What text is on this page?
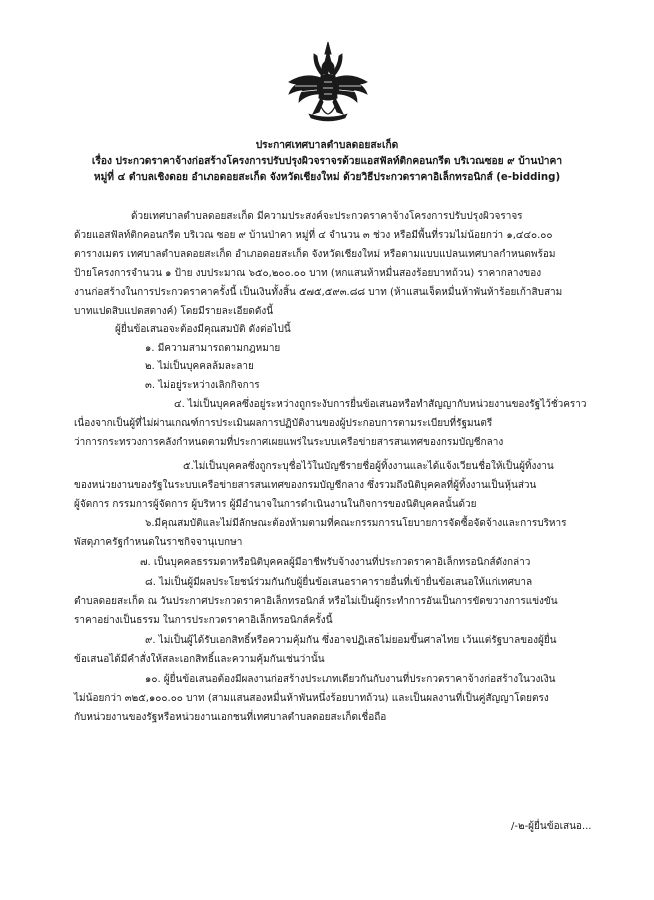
ประกาศเทศบาลตำบลดอยสะเก็ด
เรื่อง ประกวดราคาจ้างก่อสร้างโครงการปรับปรุงผิวจราจรด้วยแอสฟัลท์ติกคอนกรีต บริเวณซอย ๙ บ้านป่าคา
หมู่ที่ ๔ ตำบลเชิงดอย อำเภอดอยสะเก็ด จังหวัดเชียงใหม่ ด้วยวิธีประกวดราคาอิเล็กทรอนิกส์ (e-bidding)
ด้วยเทศบาลตำบลดอยสะเก็ด มีความประสงค์จะประกวดราคาจ้างโครงการปรับปรุงผิวจราจร
ด้วยแอสฟัลท์ติกคอนกรีต บริเวณ ซอย ๙ บ้านป่าคา หมู่ที่ ๔ จำนวน ๓ ช่วง หรือมีพื้นที่รวมไม่น้อยกว่า ๑,๔๔๐.๐๐
ตารางเมตร เทศบาลตำบลดอยสะเก็ด อำเภอดอยสะเก็ด จังหวัดเชียงใหม่ หรือตามแบบแปลนเทศบาลกำหนดพร้อม
ป้ายโครงการจำนวน ๑ ป้าย งบประมาณ ๖๕๐,๒๐๐.๐๐ บาท (หกแสนห้าหมื่นสองร้อยบาทถ้วน) ราคากลางของ
งานก่อสร้างในการประกวดราคาครั้งนี้ เป็นเงินทั้งสิ้น ๕๗๕,๕๙๓.๘๘ บาท (ห้าแสนเจ็ดหมื่นห้าพันห้าร้อยเก้าสิบสาม
บาทแปดสิบแปดสตางค์) โดยมีรายละเอียดดังนี้
ผู้ยื่นข้อเสนอจะต้องมีคุณสมบัติ ดังต่อไปนี้
๑. มีความสามารถตามกฎหมาย
๒. ไม่เป็นบุคคลล้มละลาย
๓. ไม่อยู่ระหว่างเลิกกิจการ
๔. ไม่เป็นบุคคลซึ่งอยู่ระหว่างถูกระงับการยื่นข้อเสนอหรือทำสัญญากับหน่วยงานของรัฐไว้ชั่วคราว
เนื่องจากเป็นผู้ที่ไม่ผ่านเกณฑ์การประเมินผลการปฏิบัติงานของผู้ประกอบการตามระเบียบที่รัฐมนตรี
ว่าการกระทรวงการคลังกำหนดตามที่ประกาศเผยแพร่ในระบบเครือข่ายสารสนเทศของกรมบัญชีกลาง
๕.ไม่เป็นบุคคลซึ่งถูกระบุชื่อไว้ในบัญชีรายชื่อผู้ทิ้งงานและได้แจ้งเวียนชื่อให้เป็นผู้ทิ้งงาน
ของหน่วยงานของรัฐในระบบเครือข่ายสารสนเทศของกรมบัญชีกลาง ซึ่งรวมถึงนิติบุคคลที่ผู้ทิ้งงานเป็นหุ้นส่วน
ผู้จัดการ กรรมการผู้จัดการ ผู้บริหาร ผู้มีอำนาจในการดำเนินงานในกิจการของนิติบุคคลนั้นด้วย
๖.มีคุณสมบัติและไม่มีลักษณะต้องห้ามตามที่คณะกรรมการนโยบายการจัดซื้อจัดจ้างและการบริหาร
พัสดุภาครัฐกำหนดในราชกิจจานุเบกษา
๗. เป็นบุคคลธรรมดาหรือนิติบุคคลผู้มีอาชีพรับจ้างงานที่ประกวดราคาอิเล็กทรอนิกส์ดังกล่าว
๘. ไม่เป็นผู้มีผลประโยชน์ร่วมกันกับผู้ยื่นข้อเสนอราคารายอื่นที่เข้ายื่นข้อเสนอให้แก่เทศบาล
ตำบลดอยสะเก็ด ณ วันประกาศประกวดราคาอิเล็กทรอนิกส์ หรือไม่เป็นผู้กระทำการอันเป็นการขัดขวางการแข่งขัน
ราคาอย่างเป็นธรรม ในการประกวดราคาอิเล็กทรอนิกส์ครั้งนี้
๙. ไม่เป็นผู้ได้รับเอกสิทธิ์หรือความคุ้มกัน ซึ่งอาจปฏิเสธไม่ยอมขึ้นศาลไทย เว้นแต่รัฐบาลของผู้ยื่น
ข้อเสนอได้มีคำสั่งให้สละเอกสิทธิ์และความคุ้มกันเช่นว่านั้น
๑๐. ผู้ยื่นข้อเสนอต้องมีผลงานก่อสร้างประเภทเดียวกันกับงานที่ประกวดราคาจ้างก่อสร้างในวงเงิน
ไม่น้อยกว่า ๓๒๕,๑๐๐.๐๐ บาท (สามแสนสองหมื่นห้าพันหนึ่งร้อยบาทถ้วน) และเป็นผลงานที่เป็นคู่สัญญาโดยตรง
กับหน่วยงานของรัฐหรือหน่วยงานเอกชนที่เทศบาลตำบลดอยสะเก็ดเชื่อถือ
/-๒-ผู้ยื่นข้อเสนอ...
